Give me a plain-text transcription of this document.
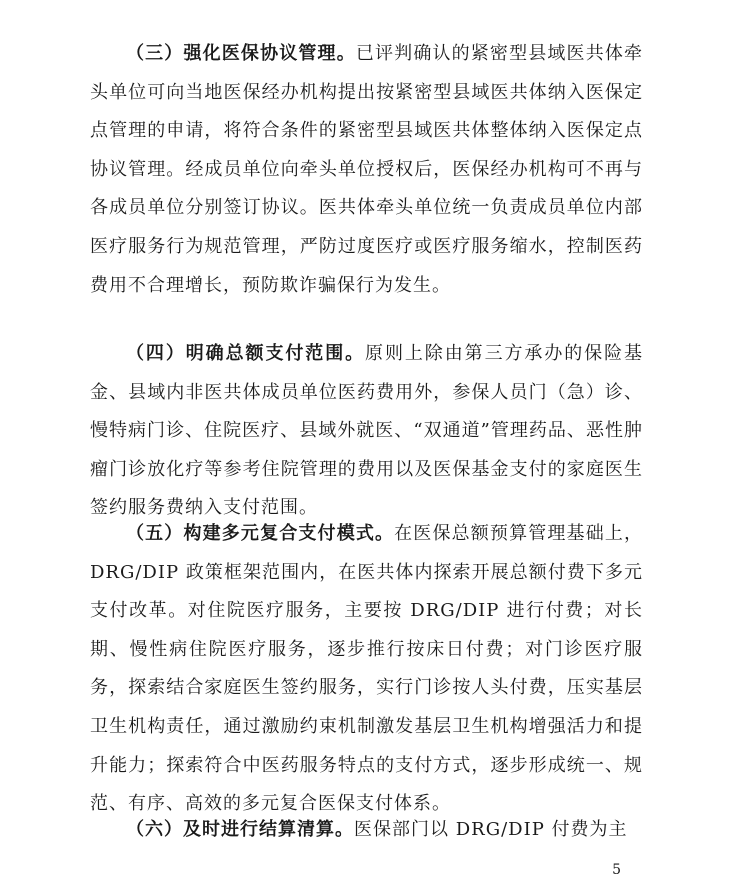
（三）强化医保协议管理。已评判确认的紧密型县域医共体牵头单位可向当地医保经办机构提出按紧密型县域医共体纳入医保定点管理的申请，将符合条件的紧密型县域医共体整体纳入医保定点协议管理。经成员单位向牵头单位授权后，医保经办机构可不再与各成员单位分别签订协议。医共体牵头单位统一负责成员单位内部医疗服务行为规范管理，严防过度医疗或医疗服务缩水，控制医药费用不合理增长，预防欺诈骗保行为发生。

（四）明确总额支付范围。原则上除由第三方承办的保险基金、县域内非医共体成员单位医药费用外，参保人员门（急）诊、慢特病门诊、住院医疗、县域外就医、“双通道”管理药品、恶性肿瘤门诊放化疗等参考住院管理的费用以及医保基金支付的家庭医生签约服务费纳入支付范围。

（五）构建多元复合支付模式。在医保总额预算管理基础上，DRG/DIP 政策框架范围内，在医共体内探索开展总额付费下多元支付改革。对住院医疗服务，主要按 DRG/DIP 进行付费；对长期、慢性病住院医疗服务，逐步推行按床日付费；对门诊医疗服务，探索结合家庭医生签约服务，实行门诊按人头付费，压实基层卫生机构责任，通过激励约束机制激发基层卫生机构增强活力和提升能力；探索符合中医药服务特点的支付方式，逐步形成统一、规范、有序、高效的多元复合医保支付体系。

（六）及时进行结算清算。医保部门以 DRG/DIP 付费为主

5
